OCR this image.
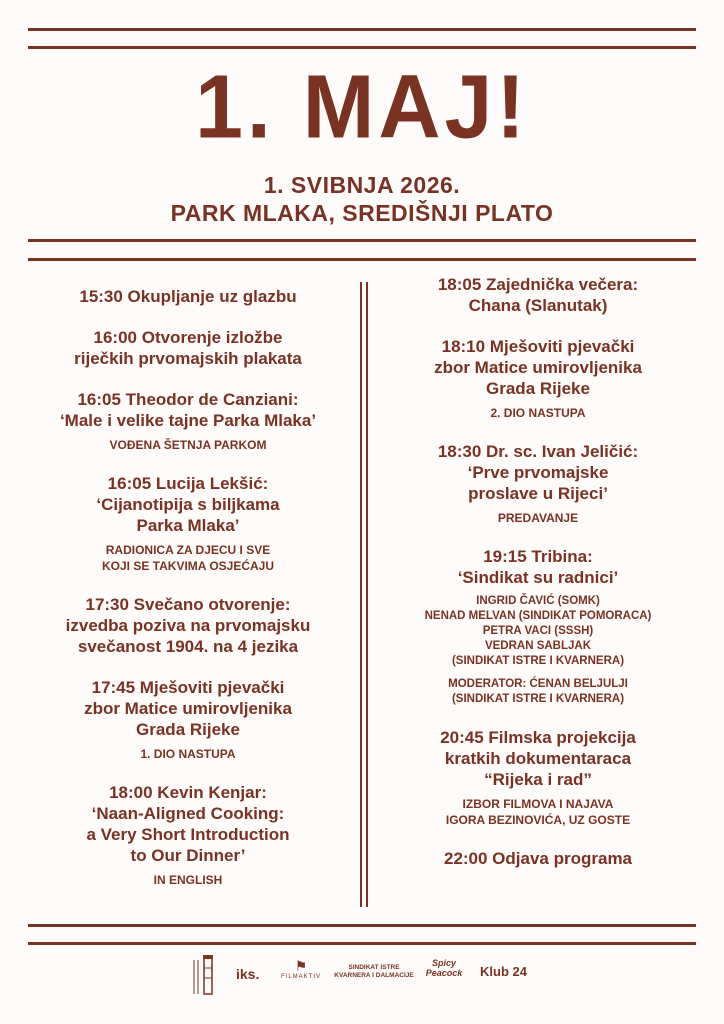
1. MAJ!
1. SVIBNJA 2026.
PARK MLAKA, SREDIŠNJI PLATO
15:30 Okupljanje uz glazbu
16:00 Otvorenje izložbe
riječkih prvomajskih plakata
16:05 Theodor de Canziani:
‘Male i velike tajne Parka Mlaka’
VOĐENA ŠETNJA PARKOM
16:05 Lucija Lekšić:
‘Cijanotipija s biljkama
Parka Mlaka’
RADIONICA ZA DJECU I SVE
KOJI SE TAKVIMA OSJEĆAJU
17:30 Svečano otvorenje:
izvedba poziva na prvomajsku
svečanost 1904. na 4 jezika
17:45 Mješoviti pjevački
zbor Matice umirovljenika
Grada Rijeke
1. DIO NASTUPA
18:00 Kevin Kenjar:
‘Naan-Aligned Cooking:
a Very Short Introduction
to Our Dinner’
IN ENGLISH
18:05 Zajednička večera:
Chana (Slanutak)
18:10 Mješoviti pjevački
zbor Matice umirovljenika
Grada Rijeke
2. DIO NASTUPA
18:30 Dr. sc. Ivan Jeličić:
‘Prve prvomajske
proslave u Rijeci’
PREDAVANJE
19:15 Tribina:
‘Sindikat su radnici’
INGRID ČAVIĆ (SOMK)
NENAD MELVAN (SINDIKAT POMORACA)
PETRA VACI (SSSH)
VEDRAN SABLJAK
(SINDIKAT ISTRE I KVARNERA)
MODERATOR: ĆENAN BELJULJI
(SINDIKAT ISTRE I KVARNERA)
20:45 Filmska projekcija
kratkih dokumentaraca
“Rijeka i rad”
IZBOR FILMOVA I NAJAVA
IGORA BEZINOVIĆA, UZ GOSTE
22:00 Odjava programa
iks.	⚑
FILMAKTIV
SINDIKAT ISTRE
KVARNERA I DALMACIJE
Spicy
Peacock Klub 24
